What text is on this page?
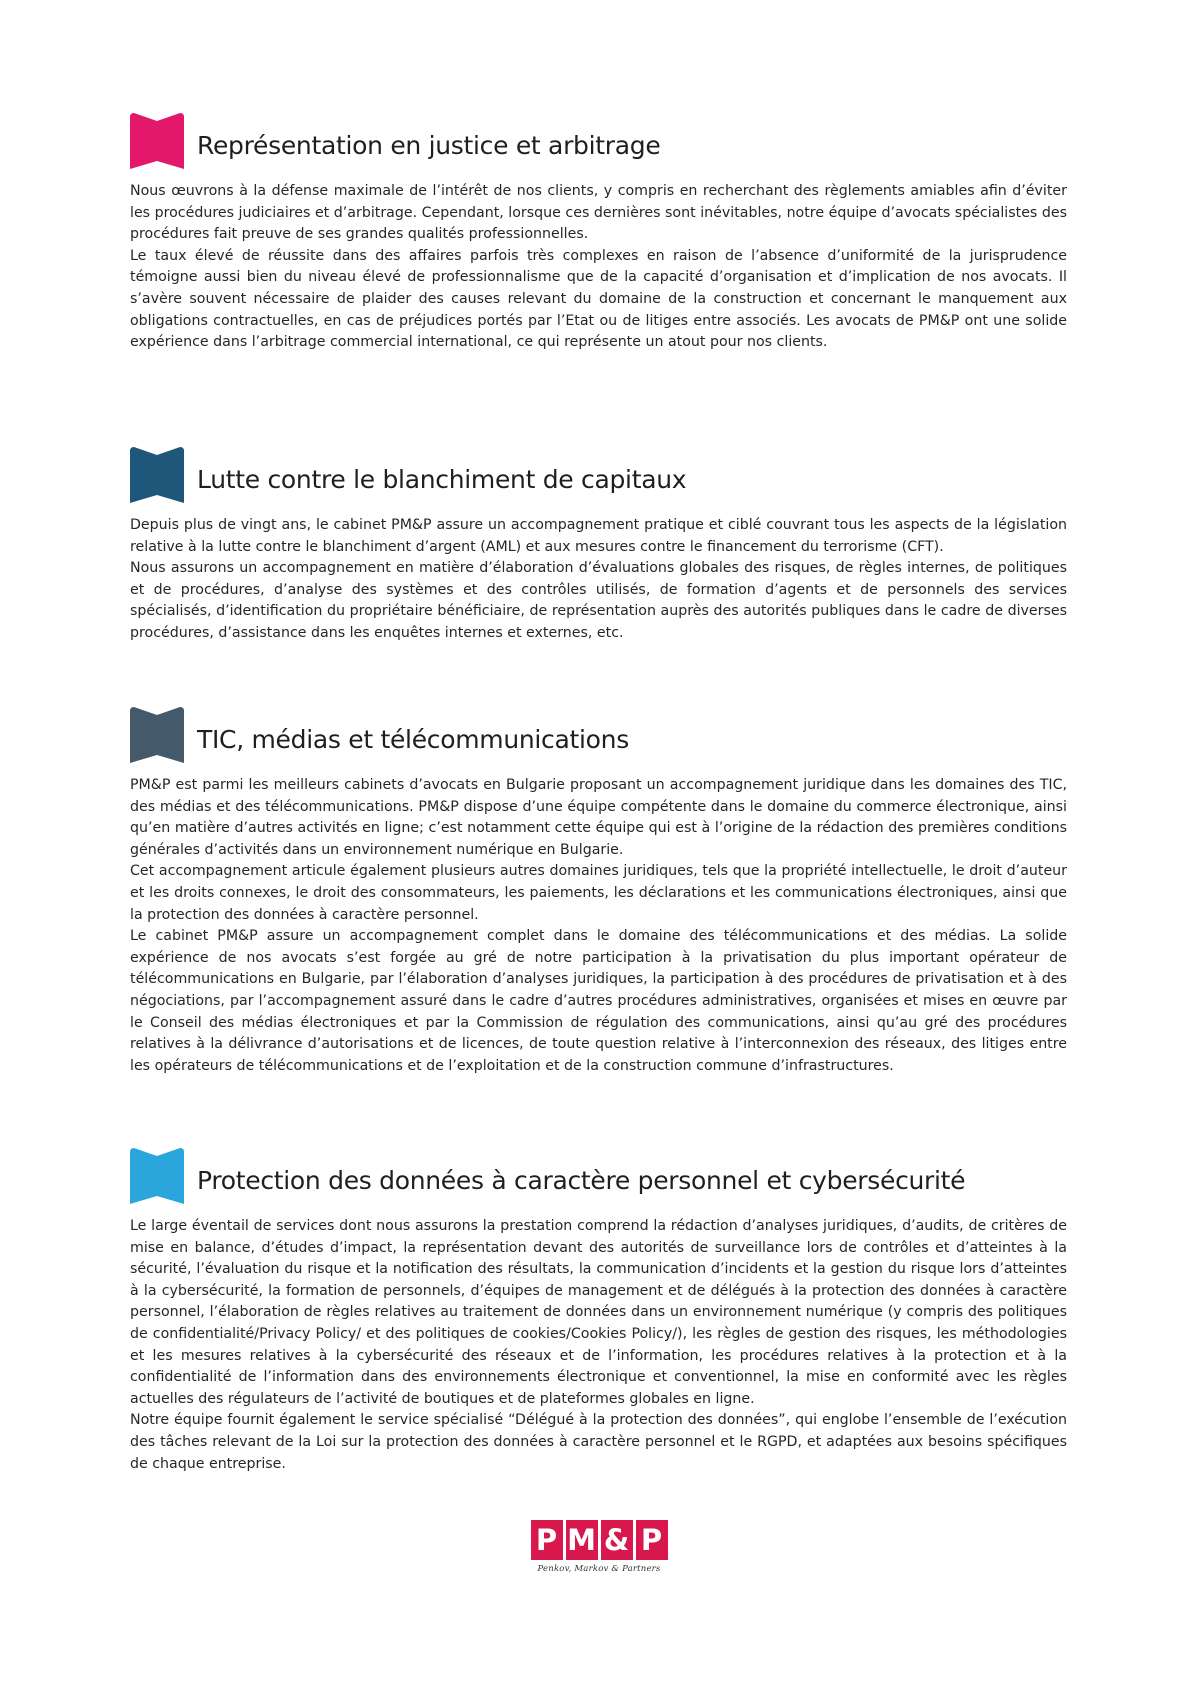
Représentation en justice et arbitrage

Nous œuvrons à la défense maximale de l’intérêt de nos clients, y compris en recherchant des règlements amiables afin d’éviter les procédures judiciaires et d’arbitrage. Cependant, lorsque ces dernières sont inévitables, notre équipe d’avocats spécialistes des procédures fait preuve de ses grandes qualités professionnelles.

Le taux élevé de réussite dans des affaires parfois très complexes en raison de l’absence d’uniformité de la jurisprudence témoigne aussi bien du niveau élevé de professionnalisme que de la capacité d’organisation et d’implication de nos avocats. Il s’avère souvent nécessaire de plaider des causes relevant du domaine de la construction et concernant le manquement aux obligations contractuelles, en cas de préjudices portés par l’Etat ou de litiges entre associés. Les avocats de PM&P ont une solide expérience dans l’arbitrage commercial international, ce qui représente un atout pour nos clients.

Lutte contre le blanchiment de capitaux

Depuis plus de vingt ans, le cabinet PM&P assure un accompagnement pratique et ciblé couvrant tous les aspects de la législation relative à la lutte contre le blanchiment d’argent (AML) et aux mesures contre le financement du terrorisme (CFT).

Nous assurons un accompagnement en matière d’élaboration d’évaluations globales des risques, de règles internes, de politiques et de procédures, d’analyse des systèmes et des contrôles utilisés, de formation d’agents et de personnels des services spécialisés, d’identification du propriétaire bénéficiaire, de représentation auprès des autorités publiques dans le cadre de diverses procédures, d’assistance dans les enquêtes internes et externes, etc.

TIC, médias et télécommunications

PM&P est parmi les meilleurs cabinets d’avocats en Bulgarie proposant un accompagnement juridique dans les domaines des TIC, des médias et des télécommunications. PM&P dispose d’une équipe compétente dans le domaine du commerce électronique, ainsi qu’en matière d’autres activités en ligne; c’est notamment cette équipe qui est à l’origine de la rédaction des premières conditions générales d’activités dans un environnement numérique en Bulgarie.

Cet accompagnement articule également plusieurs autres domaines juridiques, tels que la propriété intellectuelle, le droit d’auteur et les droits connexes, le droit des consommateurs, les paiements, les déclarations et les communications électroniques, ainsi que la protection des données à caractère personnel.

Le cabinet PM&P assure un accompagnement complet dans le domaine des télécommunications et des médias. La solide expérience de nos avocats s’est forgée au gré de notre participation à la privatisation du plus important opérateur de télécommunications en Bulgarie, par l’élaboration d’analyses juridiques, la participation à des procédures de privatisation et à des négociations, par l’accompagnement assuré dans le cadre d’autres procédures administratives, organisées et mises en œuvre par le Conseil des médias électroniques et par la Commission de régulation des communications, ainsi qu’au gré des procédures relatives à la délivrance d’autorisations et de licences, de toute question relative à l’interconnexion des réseaux, des litiges entre les opérateurs de télécommunications et de l’exploitation et de la construction commune d’infrastructures.

Protection des données à caractère personnel et cybersécurité

Le large éventail de services dont nous assurons la prestation comprend la rédaction d’analyses juridiques, d’audits, de critères de mise en balance, d’études d’impact, la représentation devant des autorités de surveillance lors de contrôles et d’atteintes à la sécurité, l’évaluation du risque et la notification des résultats, la communication d’incidents et la gestion du risque lors d’atteintes à la cybersécurité, la formation de personnels, d’équipes de management et de délégués à la protection des données à caractère personnel, l’élaboration de règles relatives au traitement de données dans un environnement numérique (y compris des politiques de confidentialité/Privacy Policy/ et des politiques de cookies/Cookies Policy/), les règles de gestion des risques, les méthodologies et les mesures relatives à la cybersécurité des réseaux et de l’information, les procédures relatives à la protection et à la confidentialité de l’information dans des environnements électronique et conventionnel, la mise en conformité avec les règles actuelles des régulateurs de l’activité de boutiques et de plateformes globales en ligne.

Notre équipe fournit également le service spécialisé “Délégué à la protection des données”, qui englobe l’ensemble de l’exécution des tâches relevant de la Loi sur la protection des données à caractère personnel et le RGPD, et adaptées aux besoins spécifiques de chaque entreprise.

P M & P
Penkov, Markov & Partners
